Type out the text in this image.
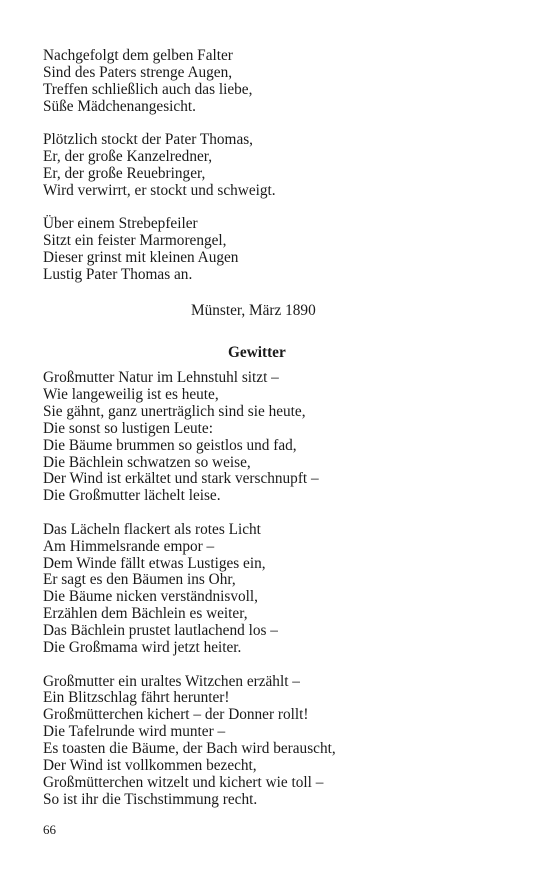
Nachgefolgt dem gelben Falter
Sind des Paters strenge Augen,
Treffen schließlich auch das liebe,
Süße Mädchenangesicht.
Plötzlich stockt der Pater Thomas,
Er, der große Kanzelredner,
Er, der große Reuebringer,
Wird verwirrt, er stockt und schweigt.
Über einem Strebepfeiler
Sitzt ein feister Marmorengel,
Dieser grinst mit kleinen Augen
Lustig Pater Thomas an.
Münster, März 1890
Gewitter
Großmutter Natur im Lehnstuhl sitzt –
Wie langeweilig ist es heute,
Sie gähnt, ganz unerträglich sind sie heute,
Die sonst so lustigen Leute:
Die Bäume brummen so geistlos und fad,
Die Bächlein schwatzen so weise,
Der Wind ist erkältet und stark verschnupft –
Die Großmutter lächelt leise.
Das Lächeln flackert als rotes Licht
Am Himmelsrande empor –
Dem Winde fällt etwas Lustiges ein,
Er sagt es den Bäumen ins Ohr,
Die Bäume nicken verständnisvoll,
Erzählen dem Bächlein es weiter,
Das Bächlein prustet lautlachend los –
Die Großmama wird jetzt heiter.
Großmutter ein uraltes Witzchen erzählt –
Ein Blitzschlag fährt herunter!
Großmütterchen kichert – der Donner rollt!
Die Tafelrunde wird munter –
Es toasten die Bäume, der Bach wird berauscht,
Der Wind ist vollkommen bezecht,
Großmütterchen witzelt und kichert wie toll –
So ist ihr die Tischstimmung recht.
66
